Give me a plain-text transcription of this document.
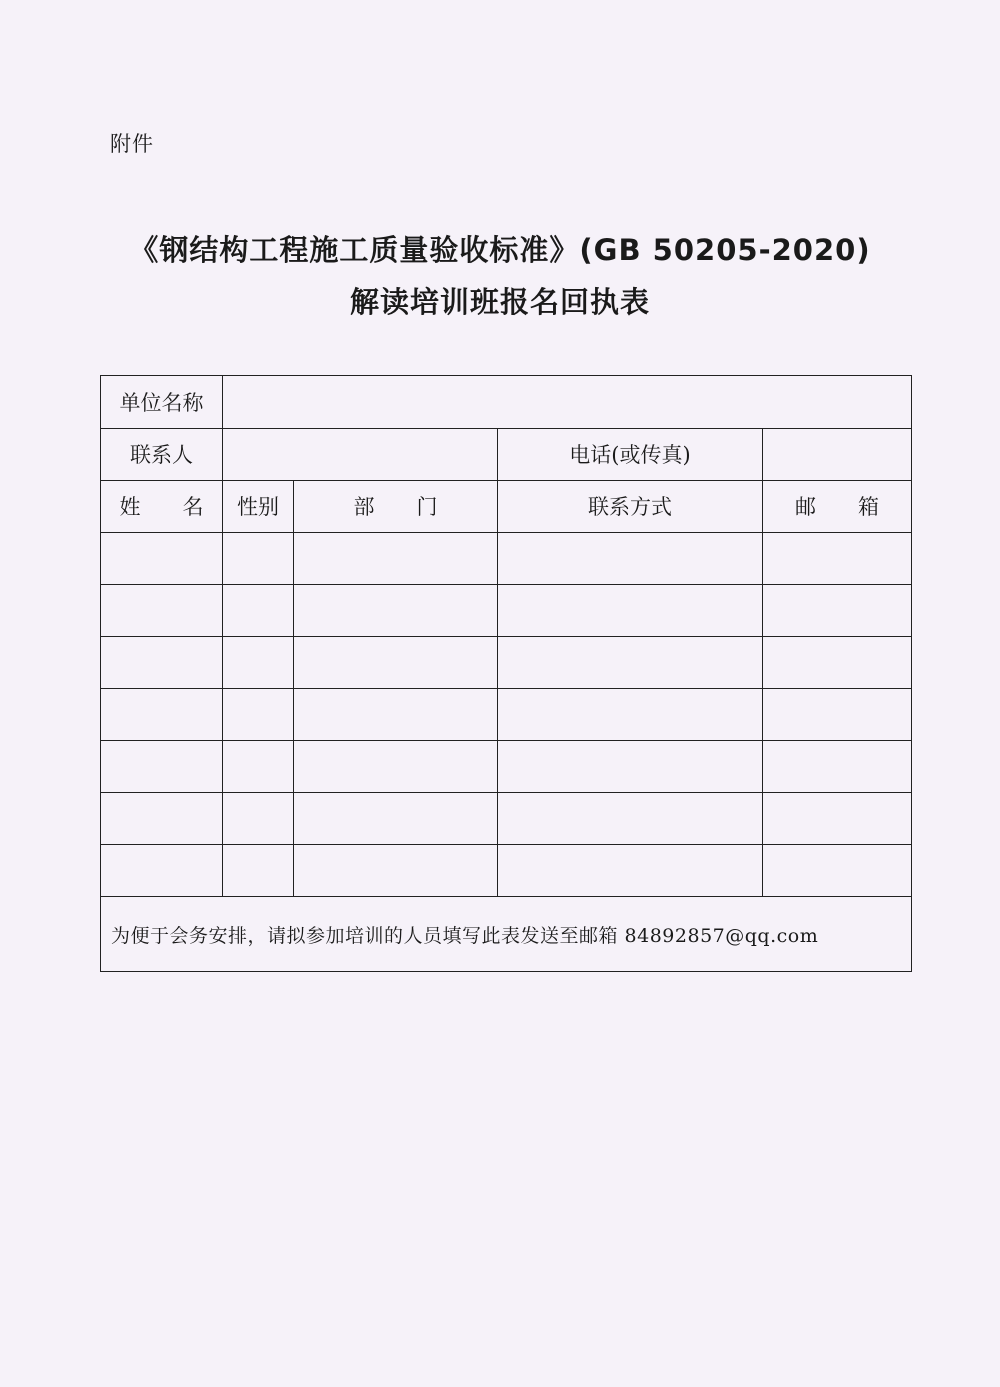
附件
《钢结构工程施工质量验收标准》(GB 50205-2020)
解读培训班报名回执表
单位名称
联系人	电话(或传真)
姓　　名	性别	部　　门	联系方式	邮　　箱
为便于会务安排，请拟参加培训的人员填写此表发送至邮箱 84892857@qq.com
